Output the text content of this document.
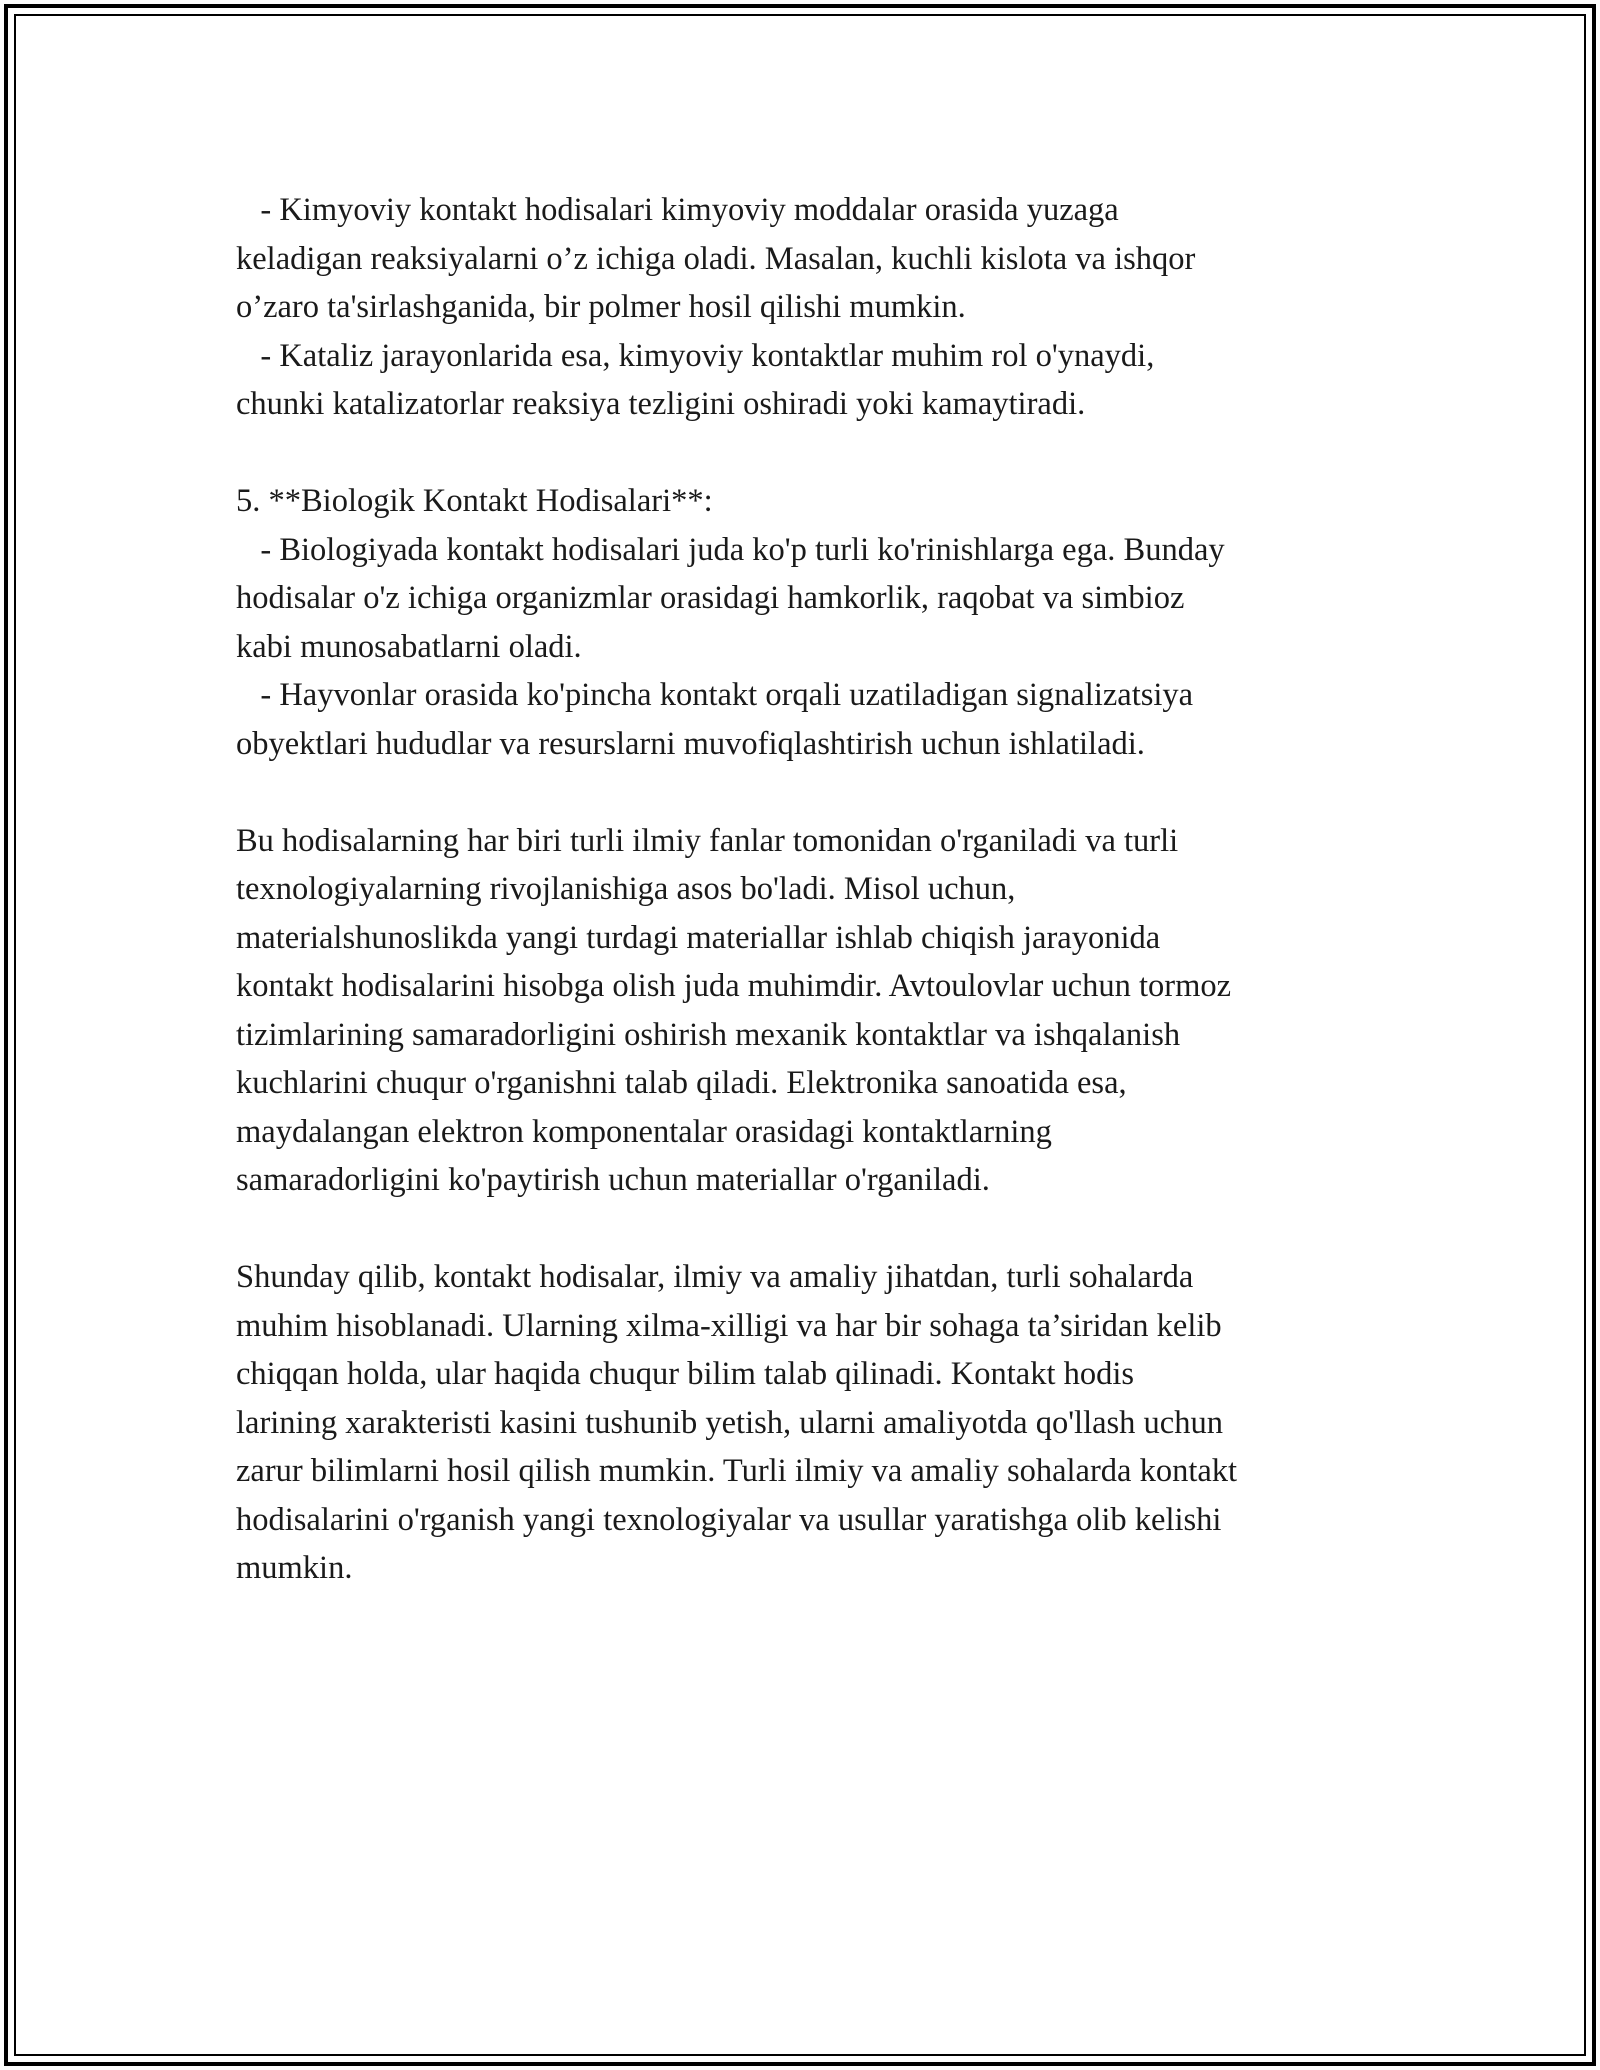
- Kimyoviy kontakt hodisalari kimyoviy moddalar orasida yuzaga
keladigan reaksiyalarni o’z ichiga oladi. Masalan, kuchli kislota va ishqor
o’zaro ta'sirlashganida, bir polmer hosil qilishi mumkin.
- Kataliz jarayonlarida esa, kimyoviy kontaktlar muhim rol o'ynaydi,
chunki katalizatorlar reaksiya tezligini oshiradi yoki kamaytiradi.
5. **Biologik Kontakt Hodisalari**:
- Biologiyada kontakt hodisalari juda ko'p turli ko'rinishlarga ega. Bunday
hodisalar o'z ichiga organizmlar orasidagi hamkorlik, raqobat va simbioz
kabi munosabatlarni oladi.
- Hayvonlar orasida ko'pincha kontakt orqali uzatiladigan signalizatsiya
obyektlari hududlar va resurslarni muvofiqlashtirish uchun ishlatiladi.
Bu hodisalarning har biri turli ilmiy fanlar tomonidan o'rganiladi va turli
texnologiyalarning rivojlanishiga asos bo'ladi. Misol uchun,
materialshunoslikda yangi turdagi materiallar ishlab chiqish jarayonida
kontakt hodisalarini hisobga olish juda muhimdir. Avtoulovlar uchun tormoz
tizimlarining samaradorligini oshirish mexanik kontaktlar va ishqalanish
kuchlarini chuqur o'rganishni talab qiladi. Elektronika sanoatida esa,
maydalangan elektron komponentalar orasidagi kontaktlarning
samaradorligini ko'paytirish uchun materiallar o'rganiladi.
Shunday qilib, kontakt hodisalar, ilmiy va amaliy jihatdan, turli sohalarda
muhim hisoblanadi. Ularning xilma-xilligi va har bir sohaga ta’siridan kelib
chiqqan holda, ular haqida chuqur bilim talab qilinadi. Kontakt hodis
larining xarakteristi kasini tushunib yetish, ularni amaliyotda qo'llash uchun
zarur bilimlarni hosil qilish mumkin. Turli ilmiy va amaliy sohalarda kontakt
hodisalarini o'rganish yangi texnologiyalar va usullar yaratishga olib kelishi
mumkin.
